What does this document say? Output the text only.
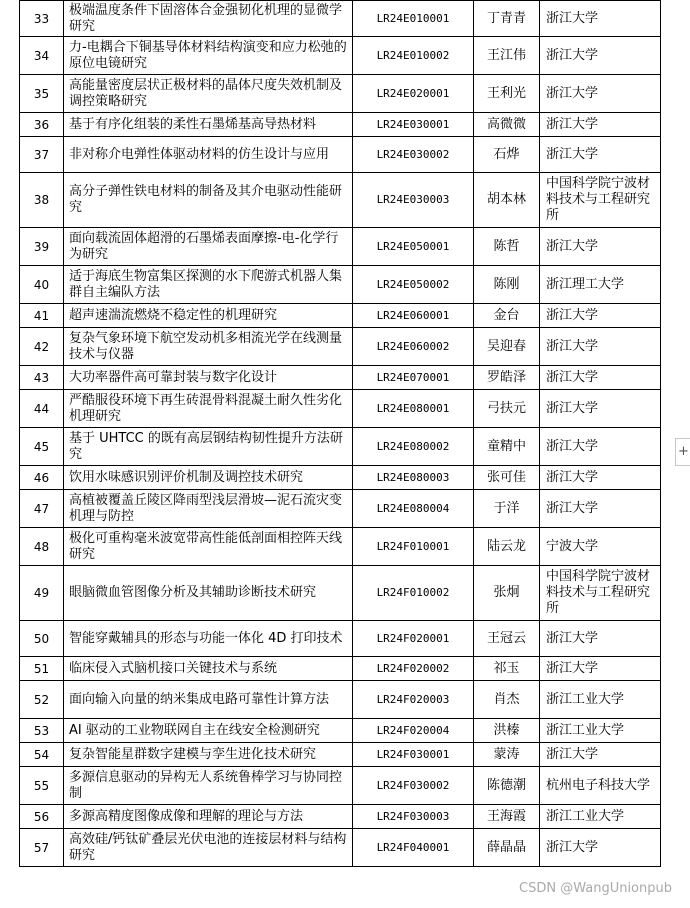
33	极端温度条件下固溶体合金强韧化机理的显微学研究	LR24E010001	丁青青	浙江大学
34	力-电耦合下铜基导体材料结构演变和应力松弛的原位电镜研究	LR24E010002	王江伟	浙江大学
35	高能量密度层状正极材料的晶体尺度失效机制及调控策略研究	LR24E020001	王利光	浙江大学
36	基于有序化组装的柔性石墨烯基高导热材料	LR24E030001	高微微	浙江大学
37	非对称介电弹性体驱动材料的仿生设计与应用	LR24E030002	石烨	浙江大学
38	高分子弹性铁电材料的制备及其介电驱动性能研究	LR24E030003	胡本林	中国科学院宁波材料技术与工程研究所
39	面向载流固体超滑的石墨烯表面摩擦-电-化学行为研究	LR24E050001	陈哲	浙江大学
40	适于海底生物富集区探测的水下爬游式机器人集群自主编队方法	LR24E050002	陈刚	浙江理工大学
41	超声速湍流燃烧不稳定性的机理研究	LR24E060001	金台	浙江大学
42	复杂气象环境下航空发动机多相流光学在线测量技术与仪器	LR24E060002	吴迎春	浙江大学
43	大功率器件高可靠封装与数字化设计	LR24E070001	罗皓泽	浙江大学
44	严酷服役环境下再生砖混骨料混凝土耐久性劣化机理研究	LR24E080001	弓扶元	浙江大学
45	基于 UHTCC 的既有高层钢结构韧性提升方法研究	LR24E080002	童精中	浙江大学
46	饮用水味感识别评价机制及调控技术研究	LR24E080003	张可佳	浙江大学
47	高植被覆盖丘陵区降雨型浅层滑坡—泥石流灾变机理与防控	LR24E080004	于洋	浙江大学
48	极化可重构毫米波宽带高性能低剖面相控阵天线研究	LR24F010001	陆云龙	宁波大学
49	眼脑微血管图像分析及其辅助诊断技术研究	LR24F010002	张炯	中国科学院宁波材料技术与工程研究所
50	智能穿戴辅具的形态与功能一体化 4D 打印技术	LR24F020001	王冠云	浙江大学
51	临床侵入式脑机接口关键技术与系统	LR24F020002	祁玉	浙江大学
52	面向输入向量的纳米集成电路可靠性计算方法	LR24F020003	肖杰	浙江工业大学
53	AI 驱动的工业物联网自主在线安全检测研究	LR24F020004	洪榛	浙江工业大学
54	复杂智能星群数字建模与孪生进化技术研究	LR24F030001	蒙涛	浙江大学
55	多源信息驱动的异构无人系统鲁棒学习与协同控制	LR24F030002	陈德潮	杭州电子科技大学
56	多源高精度图像成像和理解的理论与方法	LR24F030003	王海霞	浙江工业大学
57	高效硅/钙钛矿叠层光伏电池的连接层材料与结构研究	LR24F040001	薛晶晶	浙江大学
+
CSDN @WangUnionpub
